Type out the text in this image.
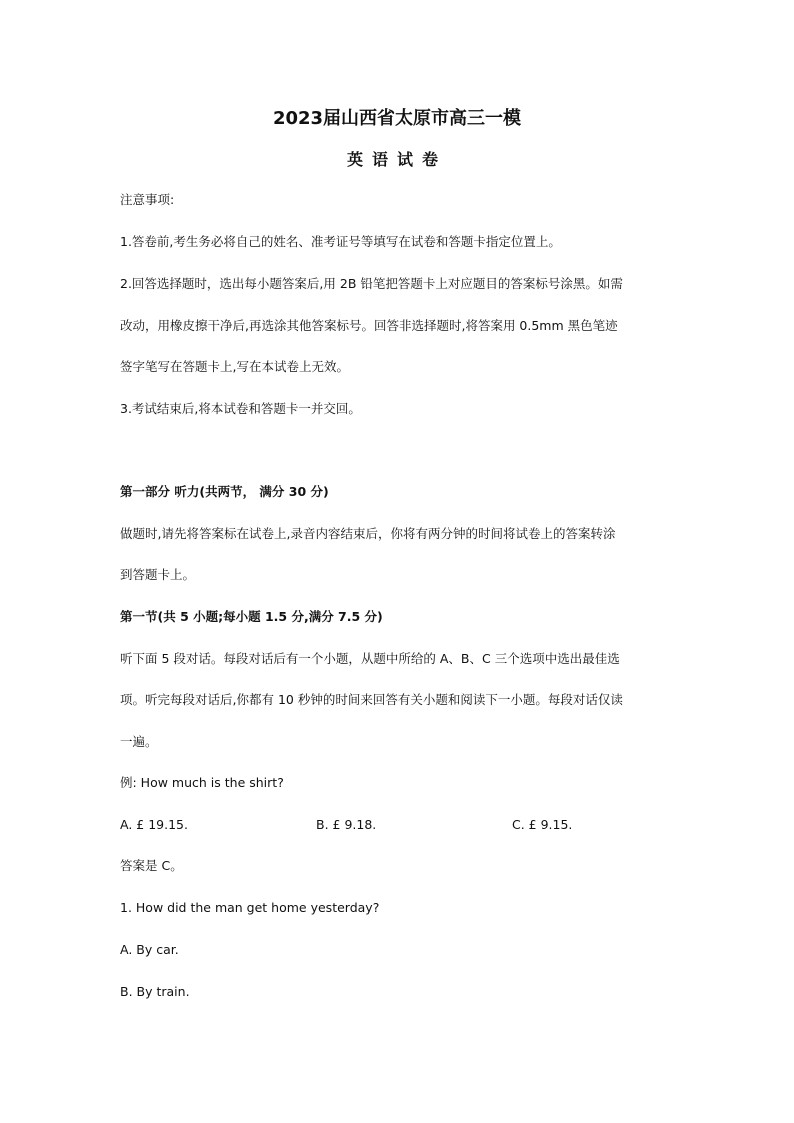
2023届山西省太原市高三一模
英语试卷
注意事项:
1.答卷前,考生务必将自己的姓名、准考证号等填写在试卷和答题卡指定位置上。
2.回答选择题时，选出每小题答案后,用 2B 铅笔把答题卡上对应题目的答案标号涂黑。如需
改动，用橡皮擦干净后,再选涂其他答案标号。回答非选择题时,将答案用 0.5mm 黑色笔迹
签字笔写在答题卡上,写在本试卷上无效。
3.考试结束后,将本试卷和答题卡一并交回。
第一部分 听力(共两节， 满分 30 分)
做题时,请先将答案标在试卷上,录音内容结束后，你将有两分钟的时间将试卷上的答案转涂
到答题卡上。
第一节(共 5 小题;每小题 1.5 分,满分 7.5 分)
听下面 5 段对话。每段对话后有一个小题，从题中所给的 A、B、C 三个选项中选出最佳选
项。听完每段对话后,你都有 10 秒钟的时间来回答有关小题和阅读下一小题。每段对话仅读
一遍。
例: How much is the shirt?
A. £ 19.15.	B. £ 9.18.	C. £ 9.15.
答案是 C。
1. How did the man get home yesterday?
A. By car.
B. By train.
